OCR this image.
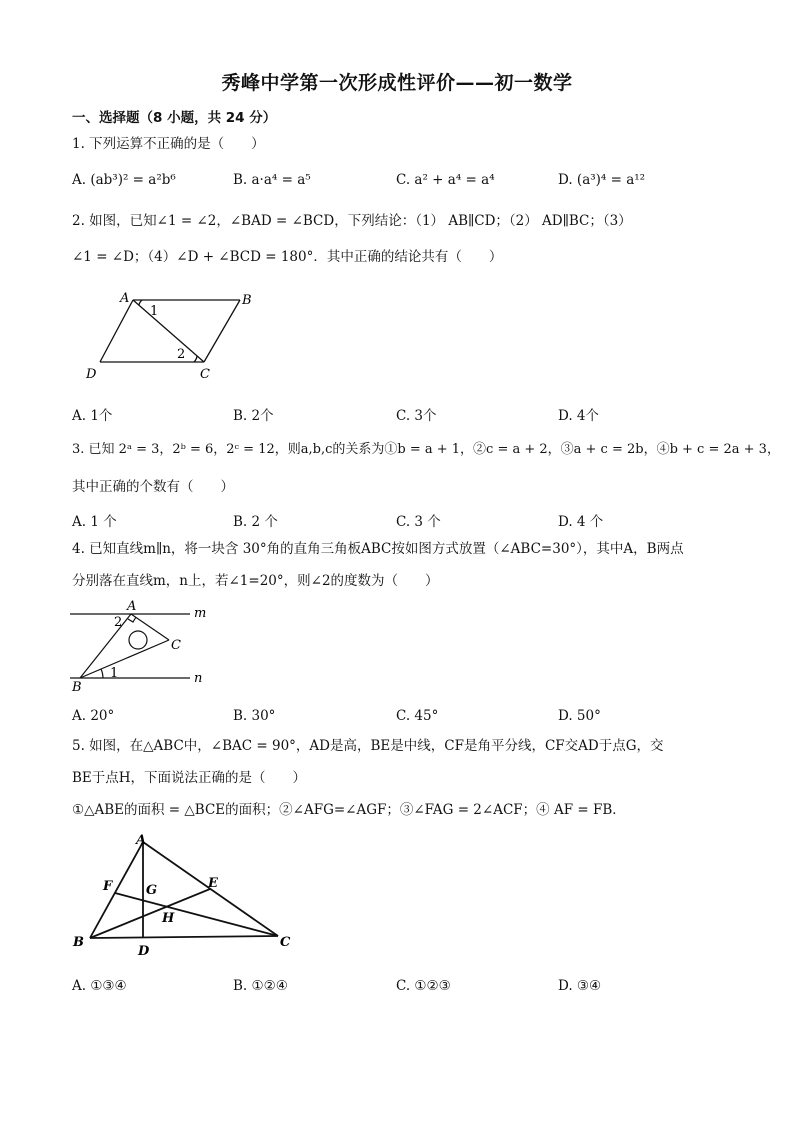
秀峰中学第一次形成性评价——初一数学
一、选择题（8 小题，共 24 分）
1. 下列运算不正确的是（　　）
A. (ab³)² = a²b⁶	B. a·a⁴ = a⁵	C. a² + a⁴ = a⁴	D. (a³)⁴ = a¹²
2. 如图，已知∠1 = ∠2，∠BAD = ∠BCD，下列结论：（1） AB∥CD；（2） AD∥BC；（3）
∠1 = ∠D；（4）∠D + ∠BCD = 180°．其中正确的结论共有（　　）
A	B
C
D
1
2
A. 1个	B. 2个	C. 3个	D. 4个
3. 已知 2ᵃ = 3，2ᵇ = 6，2ᶜ = 12，则a,b,c的关系为①b = a + 1，②c = a + 2，③a + c = 2b，④b + c = 2a + 3，
其中正确的个数有（　　）
A. 1 个	B. 2 个	C. 3 个	D. 4 个
4. 已知直线m∥n，将一块含 30°角的直角三角板ABC按如图方式放置（∠ABC=30°），其中A，B两点
分别落在直线m，n上，若∠1=20°，则∠2的度数为（　　）
A
B
C
m
n
1
2
A. 20°	B. 30°	C. 45°	D. 50°
5. 如图，在△ABC中，∠BAC = 90°，AD是高，BE是中线，CF是角平分线，CF交AD于点G，交
BE于点H，下面说法正确的是（　　）
①△ABE的面积 = △BCE的面积；②∠AFG=∠AGF；③∠FAG = 2∠ACF；④ AF = FB．
A
B	C
D
E
F	G
H
A. ①③④	B. ①②④	C. ①②③	D. ③④
